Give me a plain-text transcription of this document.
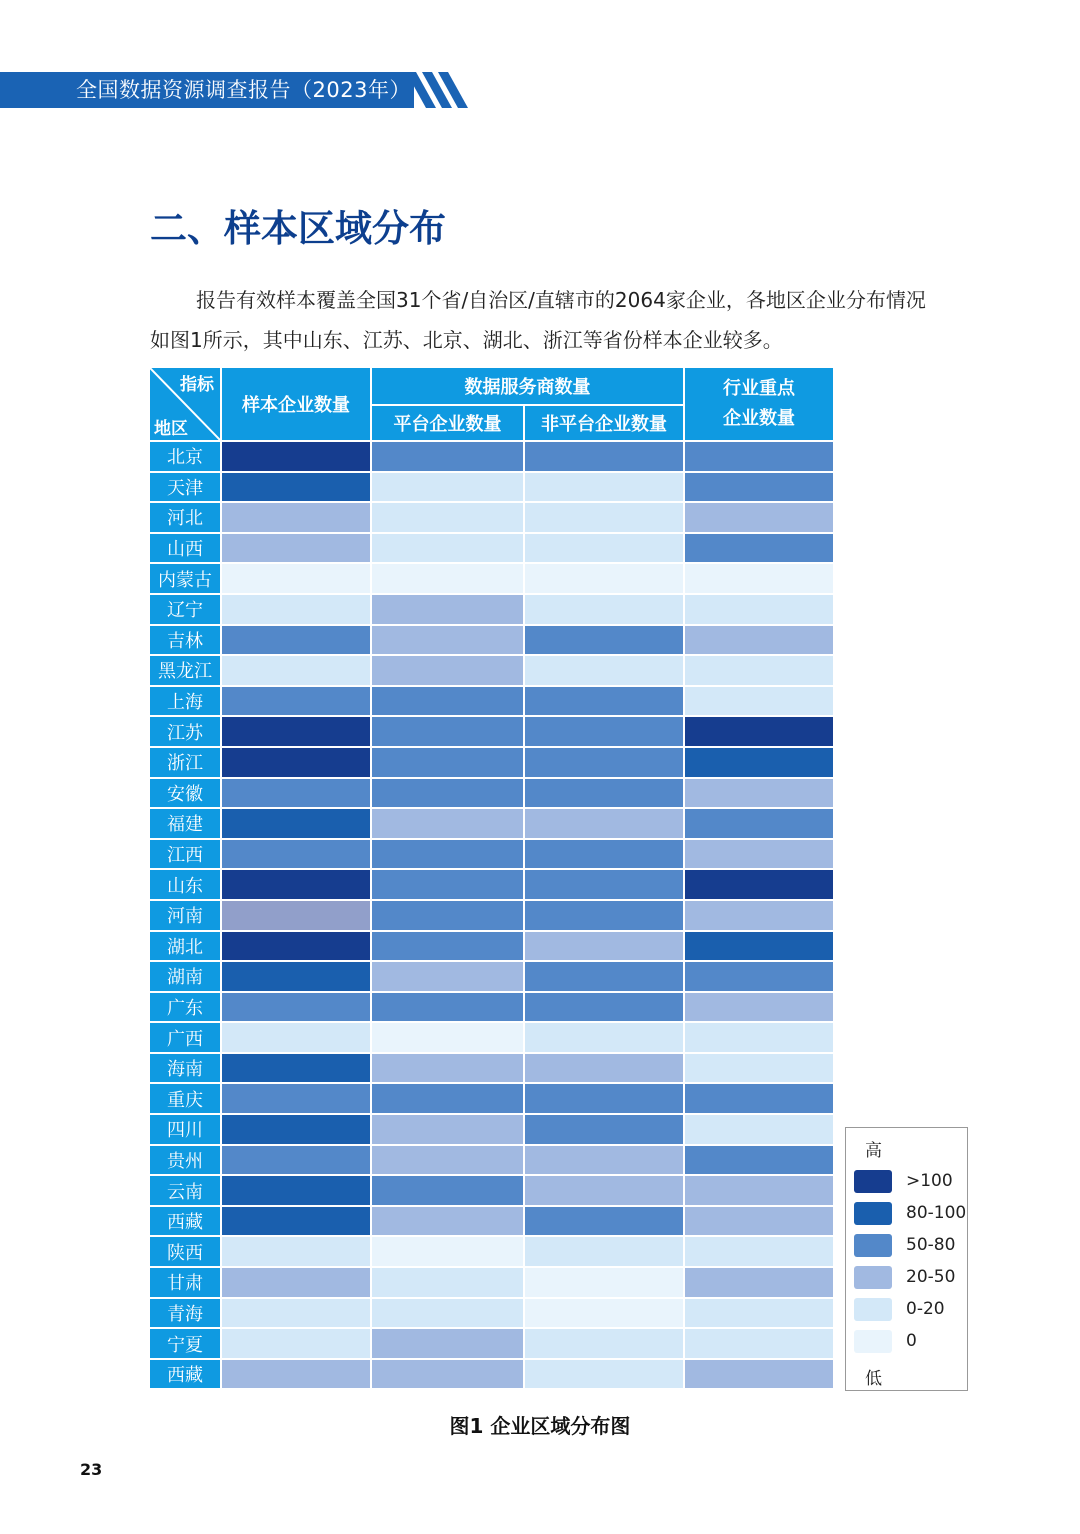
全国数据资源调查报告（2023年）
二、样本区域分布

报告有效样本覆盖全国31个省/自治区/直辖市的2064家企业，各地区企业分布情况如图1所示，其中山东、江苏、北京、湖北、浙江等省份样本企业较多。

指标
地区	样本企业数量	数据服务商数量		行业重点
企业数量
		平台企业数量	非平台企业数量	
北京				
天津				
河北				
山西				
内蒙古				
辽宁				
吉林				
黑龙江				
上海				
江苏				
浙江				
安徽				
福建				
江西				
山东				
河南				
湖北				
湖南				
广东				
广西				
海南				
重庆				
四川				
贵州				
云南				
西藏				
陕西				
甘肃				
青海				
宁夏				
西藏				
高
>100
80-100
50-80
20-50
0-20
0
低
图1 企业区域分布图
23
